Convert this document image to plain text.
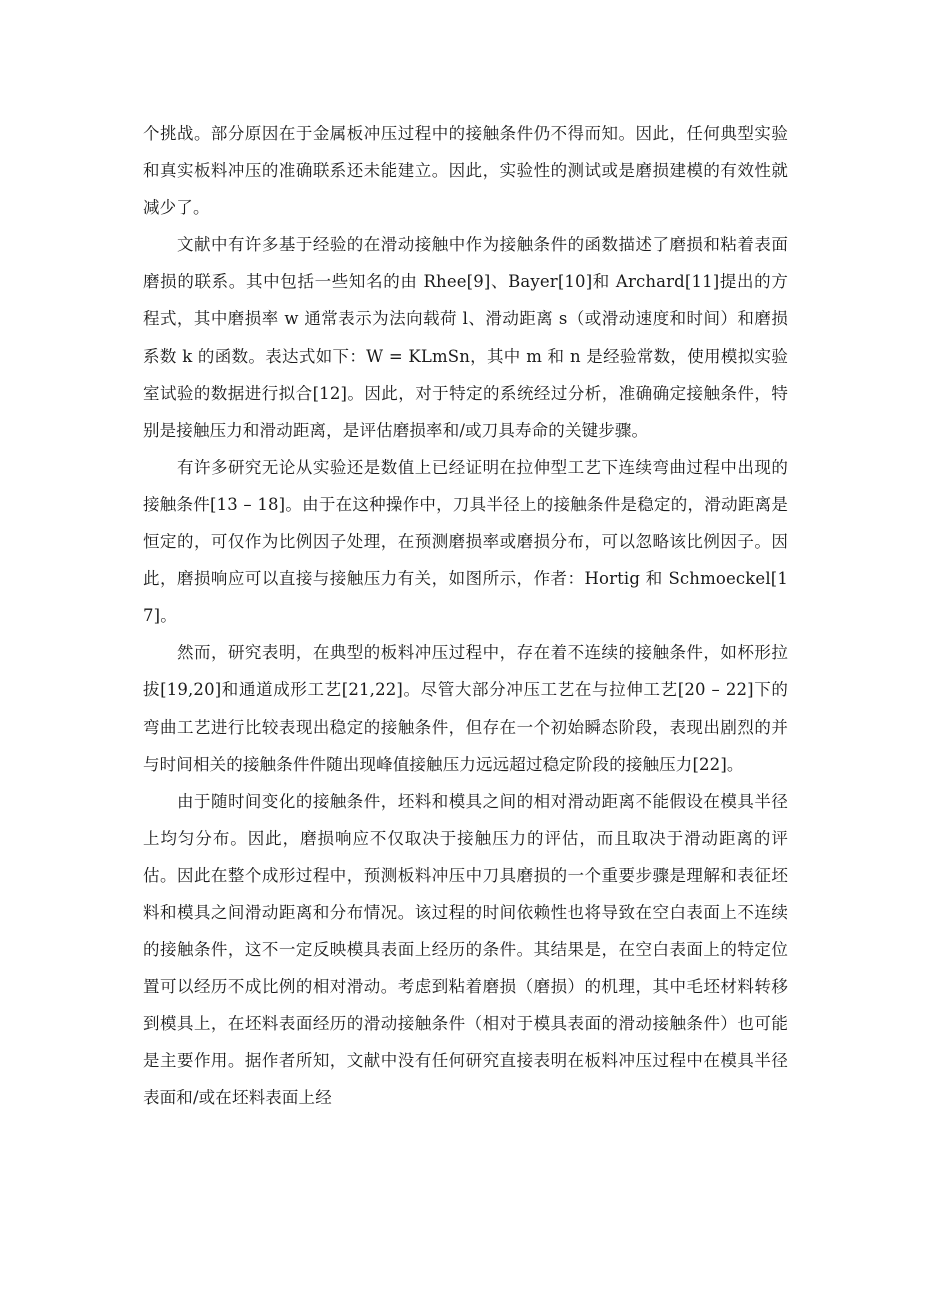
个挑战。部分原因在于金属板冲压过程中的接触条件仍不得而知。因此，任何典型实验和真实板料冲压的准确联系还未能建立。因此，实验性的测试或是磨损建模的有效性就减少了。

文献中有许多基于经验的在滑动接触中作为接触条件的函数描述了磨损和粘着表面磨损的联系。其中包括一些知名的由 Rhee[9]、Bayer[10]和 Archard[11]提出的方程式，其中磨损率 w 通常表示为法向载荷 l、滑动距离 s（或滑动速度和时间）和磨损系数 k 的函数。表达式如下：W = KLmSn，其中 m 和 n 是经验常数，使用模拟实验室试验的数据进行拟合[12]。因此，对于特定的系统经过分析，准确确定接触条件，特别是接触压力和滑动距离，是评估磨损率和/或刀具寿命的关键步骤。

有许多研究无论从实验还是数值上已经证明在拉伸型工艺下连续弯曲过程中出现的接触条件[13 – 18]。由于在这种操作中，刀具半径上的接触条件是稳定的，滑动距离是恒定的，可仅作为比例因子处理，在预测磨损率或磨损分布，可以忽略该比例因子。因此，磨损响应可以直接与接触压力有关，如图所示，作者：Hortig 和 Schmoeckel[17]。

然而，研究表明，在典型的板料冲压过程中，存在着不连续的接触条件，如杯形拉拔[19,20]和通道成形工艺[21,22]。尽管大部分冲压工艺在与拉伸工艺[20 – 22]下的弯曲工艺进行比较表现出稳定的接触条件，但存在一个初始瞬态阶段，表现出剧烈的并与时间相关的接触条件件随出现峰值接触压力远远超过稳定阶段的接触压力[22]。

由于随时间变化的接触条件，坯料和模具之间的相对滑动距离不能假设在模具半径上均匀分布。因此，磨损响应不仅取决于接触压力的评估，而且取决于滑动距离的评估。因此在整个成形过程中，预测板料冲压中刀具磨损的一个重要步骤是理解和表征坯料和模具之间滑动距离和分布情况。该过程的时间依赖性也将导致在空白表面上不连续的接触条件，这不一定反映模具表面上经历的条件。其结果是，在空白表面上的特定位置可以经历不成比例的相对滑动。考虑到粘着磨损（磨损）的机理，其中毛坯材料转移到模具上，在坯料表面经历的滑动接触条件（相对于模具表面的滑动接触条件）也可能是主要作用。据作者所知，文献中没有任何研究直接表明在板料冲压过程中在模具半径表面和/或在坯料表面上经
